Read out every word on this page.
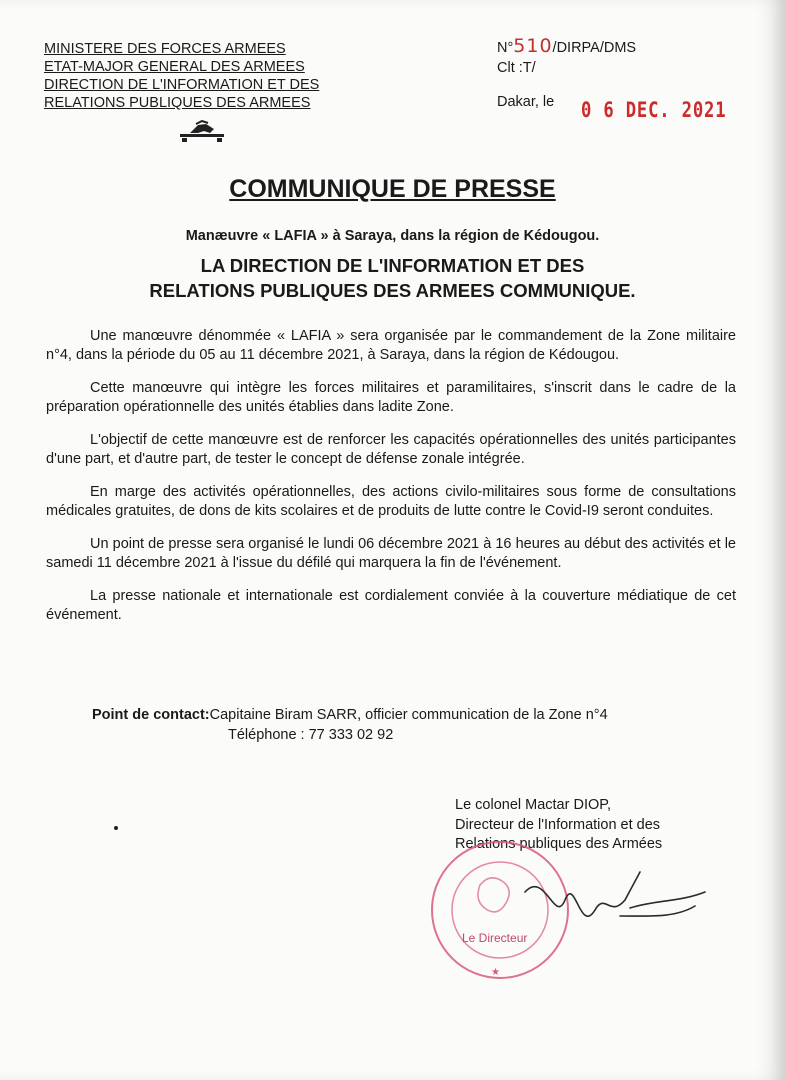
MINISTERE DES FORCES ARMEES
ETAT-MAJOR GENERAL DES ARMEES
DIRECTION DE L'INFORMATION ET DES
RELATIONS PUBLIQUES DES ARMEES
N°510/DIRPA/DMS
Clt :T/
Dakar, le 0 6 DEC. 2021
COMMUNIQUE DE PRESSE
Manæuvre « LAFIA » à Saraya, dans la région de Kédougou.
LA DIRECTION DE L'INFORMATION ET DES
RELATIONS PUBLIQUES DES ARMEES COMMUNIQUE.

Une manœuvre dénommée « LAFIA » sera organisée par le commandement de la Zone militaire n°4, dans la période du 05 au 11 décembre 2021, à Saraya, dans la région de Kédougou.

Cette manœuvre qui intègre les forces militaires et paramilitaires, s'inscrit dans le cadre de la préparation opérationnelle des unités établies dans ladite Zone.

L'objectif de cette manœuvre est de renforcer les capacités opérationnelles des unités participantes d'une part, et d'autre part, de tester le concept de défense zonale intégrée.

En marge des activités opérationnelles, des actions civilo-militaires sous forme de consultations médicales gratuites, de dons de kits scolaires et de produits de lutte contre le Covid-I9 seront conduites.

Un point de presse sera organisé le lundi 06 décembre 2021 à 16 heures au début des activités et le samedi 11 décembre 2021 à l'issue du défilé qui marquera la fin de l'événement.

La presse nationale et internationale est cordialement conviée à la couverture médiatique de cet événement.

Point de contact:Capitaine Biram SARR, officier communication de la Zone n°4
Téléphone : 77 333 02 92
Le colonel Mactar DIOP,
Directeur de l'Information et des
Relations publiques des Armées
Le Directeur
★
